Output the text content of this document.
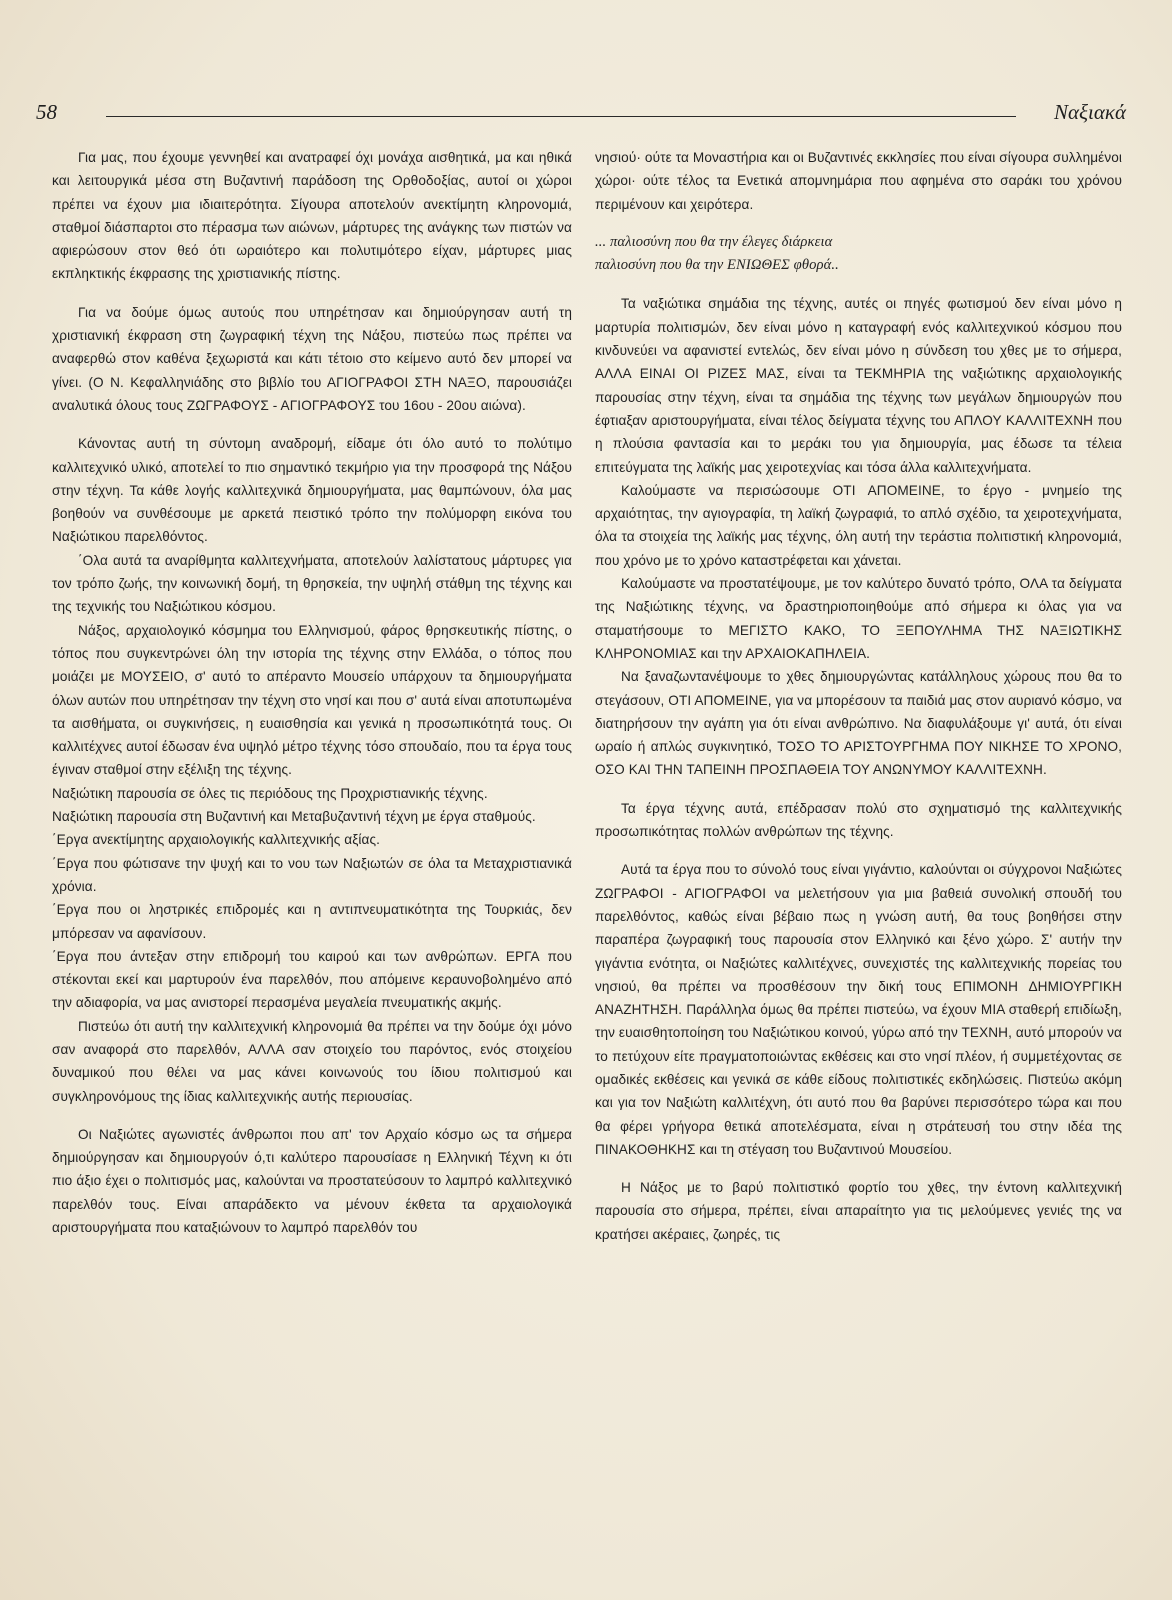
58	Ναξιακά

Για μας, που έχουμε γεννηθεί και ανατραφεί όχι μονάχα αισθητικά, μα και ηθικά και λειτουργικά μέσα στη Βυζαντινή παράδοση της Ορθοδοξίας, αυτοί οι χώροι πρέπει να έχουν μια ιδιαιτερότητα. Σίγουρα αποτελούν ανεκτίμητη κληρονομιά, σταθμοί διάσπαρτοι στο πέρασμα των αιώνων, μάρτυρες της ανάγκης των πιστών να αφιερώσουν στον θεό ότι ωραιότερο και πολυτιμότερο είχαν, μάρτυρες μιας εκπληκτικής έκφρασης της χριστιανικής πίστης.

Για να δούμε όμως αυτούς που υπηρέτησαν και δημιούργησαν αυτή τη χριστιανική έκφραση στη ζωγραφική τέχνη της Νάξου, πιστεύω πως πρέπει να αναφερθώ στον καθένα ξεχωριστά και κάτι τέτοιο στο κείμενο αυτό δεν μπορεί να γίνει. (Ο Ν. Κεφαλληνιάδης στο βιβλίο του ΑΓΙΟΓΡΑΦΟΙ ΣΤΗ ΝΑΞΟ, παρουσιάζει αναλυτικά όλους τους ΖΩΓΡΑΦΟΥΣ - ΑΓΙΟΓΡΑΦΟΥΣ του 16ου - 20ου αιώνα).

Κάνοντας αυτή τη σύντομη αναδρομή, είδαμε ότι όλο αυτό το πολύτιμο καλλιτεχνικό υλικό, αποτελεί το πιο σημαντικό τεκμήριο για την προσφορά της Νάξου στην τέχνη. Τα κάθε λογής καλλιτεχνικά δημιουργήματα, μας θαμπώνουν, όλα μας βοηθούν να συνθέσουμε με αρκετά πειστικό τρόπο την πολύμορφη εικόνα του Ναξιώτικου παρελθόντος.

΄Ολα αυτά τα αναρίθμητα καλλιτεχνήματα, αποτελούν λαλίστατους μάρτυρες για τον τρόπο ζωής, την κοινωνική δομή, τη θρησκεία, την υψηλή στάθμη της τέχνης και της τεχνικής του Ναξιώτικου κόσμου.

Νάξος, αρχαιολογικό κόσμημα του Ελληνισμού, φάρος θρησκευτικής πίστης, ο τόπος που συγκεντρώνει όλη την ιστορία της τέχνης στην Ελλάδα, ο τόπος που μοιάζει με ΜΟΥΣΕΙΟ, σ' αυτό το απέραντο Μουσείο υπάρχουν τα δημιουργήματα όλων αυτών που υπηρέτησαν την τέχνη στο νησί και που σ' αυτά είναι αποτυπωμένα τα αισθήματα, οι συγκινήσεις, η ευαισθησία και γενικά η προσωπικότητά τους. Οι καλλιτέχνες αυτοί έδωσαν ένα υψηλό μέτρο τέχνης τόσο σπουδαίο, που τα έργα τους έγιναν σταθμοί στην εξέλιξη της τέχνης.

Ναξιώτικη παρουσία σε όλες τις περιόδους της Προχριστιανικής τέχνης.

Ναξιώτικη παρουσία στη Βυζαντινή και Μεταβυζαντινή τέχνη με έργα σταθμούς.

΄Εργα ανεκτίμητης αρχαιολογικής καλλιτεχνικής αξίας.

΄Εργα που φώτισανε την ψυχή και το νου των Ναξιωτών σε όλα τα Μεταχριστιανικά χρόνια.

΄Εργα που οι ληστρικές επιδρομές και η αντιπνευματικότητα της Τουρκιάς, δεν μπόρεσαν να αφανίσουν.

΄Εργα που άντεξαν στην επιδρομή του καιρού και των ανθρώπων. ΕΡΓΑ που στέκονται εκεί και μαρτυρούν ένα παρελθόν, που απόμεινε κεραυνοβολημένο από την αδιαφορία, να μας ανιστορεί περασμένα μεγαλεία πνευματικής ακμής.

Πιστεύω ότι αυτή την καλλιτεχνική κληρονομιά θα πρέπει να την δούμε όχι μόνο σαν αναφορά στο παρελθόν, ΑΛΛΑ σαν στοιχείο του παρόντος, ενός στοιχείου δυναμικού που θέλει να μας κάνει κοινωνούς του ίδιου πολιτισμού και συγκληρονόμους της ίδιας καλλιτεχνικής αυτής περιουσίας.

Οι Ναξιώτες αγωνιστές άνθρωποι που απ' τον Αρχαίο κόσμο ως τα σήμερα δημιούργησαν και δημιουργούν ό,τι καλύτερο παρουσίασε η Ελληνική Τέχνη κι ότι πιο άξιο έχει ο πολιτισμός μας, καλούνται να προστατεύσουν το λαμπρό καλλιτεχνικό παρελθόν τους. Είναι απαράδεκτο να μένουν έκθετα τα αρχαιολογικά αριστουργήματα που καταξιώνουν το λαμπρό παρελθόν του

νησιού· ούτε τα Μοναστήρια και οι Βυζαντινές εκκλησίες που είναι σίγουρα συλλημένοι χώροι· ούτε τέλος τα Ενετικά απομνημάρια που αφημένα στο σαράκι του χρόνου περιμένουν και χειρότερα.

... παλιοσύνη που θα την έλεγες διάρκεια

παλιοσύνη που θα την ΕΝΙΩΘΕΣ φθορά..

Τα ναξιώτικα σημάδια της τέχνης, αυτές οι πηγές φωτισμού δεν είναι μόνο η μαρτυρία πολιτισμών, δεν είναι μόνο η καταγραφή ενός καλλιτεχνικού κόσμου που κινδυνεύει να αφανιστεί εντελώς, δεν είναι μόνο η σύνδεση του χθες με το σήμερα, ΑΛΛΑ ΕΙΝΑΙ ΟΙ ΡΙΖΕΣ ΜΑΣ, είναι τα ΤΕΚΜΗΡΙΑ της ναξιώτικης αρχαιολογικής παρουσίας στην τέχνη, είναι τα σημάδια της τέχνης των μεγάλων δημιουργών που έφτιαξαν αριστουργήματα, είναι τέλος δείγματα τέχνης του ΑΠΛΟΥ ΚΑΛΛΙΤΕΧΝΗ που η πλούσια φαντασία και το μεράκι του για δημιουργία, μας έδωσε τα τέλεια επιτεύγματα της λαϊκής μας χειροτεχνίας και τόσα άλλα καλλιτεχνήματα.

Καλούμαστε να περισώσουμε ΟΤΙ ΑΠΟΜΕΙΝΕ, το έργο - μνημείο της αρχαιότητας, την αγιογραφία, τη λαϊκή ζωγραφιά, το απλό σχέδιο, τα χειροτεχνήματα, όλα τα στοιχεία της λαϊκής μας τέχνης, όλη αυτή την τεράστια πολιτιστική κληρονομιά, που χρόνο με το χρόνο καταστρέφεται και χάνεται.

Καλούμαστε να προστατέψουμε, με τον καλύτερο δυνατό τρόπο, ΟΛΑ τα δείγματα της Ναξιώτικης τέχνης, να δραστηριοποιηθούμε από σήμερα κι όλας για να σταματήσουμε το ΜΕΓΙΣΤΟ ΚΑΚΟ, ΤΟ ΞΕΠΟΥΛΗΜΑ ΤΗΣ ΝΑΞΙΩΤΙΚΗΣ ΚΛΗΡΟΝΟΜΙΑΣ και την ΑΡΧΑΙΟΚΑΠΗΛΕΙΑ.

Να ξαναζωντανέψουμε το χθες δημιουργώντας κατάλληλους χώρους που θα το στεγάσουν, ΟΤΙ ΑΠΟΜΕΙΝΕ, για να μπορέσουν τα παιδιά μας στον αυριανό κόσμο, να διατηρήσουν την αγάπη για ότι είναι ανθρώπινο. Να διαφυλάξουμε γι' αυτά, ότι είναι ωραίο ή απλώς συγκινητικό, ΤΟΣΟ ΤΟ ΑΡΙΣΤΟΥΡΓΗΜΑ ΠΟΥ ΝΙΚΗΣΕ ΤΟ ΧΡΟΝΟ, ΟΣΟ ΚΑΙ ΤΗΝ ΤΑΠΕΙΝΗ ΠΡΟΣΠΑΘΕΙΑ ΤΟΥ ΑΝΩΝΥΜΟΥ ΚΑΛΛΙΤΕΧΝΗ.

Τα έργα τέχνης αυτά, επέδρασαν πολύ στο σχηματισμό της καλλιτεχνικής προσωπικότητας πολλών ανθρώπων της τέχνης.

Αυτά τα έργα που το σύνολό τους είναι γιγάντιο, καλούνται οι σύγχρονοι Ναξιώτες ΖΩΓΡΑΦΟΙ - ΑΓΙΟΓΡΑΦΟΙ να μελετήσουν για μια βαθειά συνολική σπουδή του παρελθόντος, καθώς είναι βέβαιο πως η γνώση αυτή, θα τους βοηθήσει στην παραπέρα ζωγραφική τους παρουσία στον Ελληνικό και ξένο χώρο. Σ' αυτήν την γιγάντια ενότητα, οι Ναξιώτες καλλιτέχνες, συνεχιστές της καλλιτεχνικής πορείας του νησιού, θα πρέπει να προσθέσουν την δική τους ΕΠΙΜΟΝΗ ΔΗΜΙΟΥΡΓΙΚΗ ΑΝΑΖΗΤΗΣΗ. Παράλληλα όμως θα πρέπει πιστεύω, να έχουν ΜΙΑ σταθερή επιδίωξη, την ευαισθητοποίηση του Ναξιώτικου κοινού, γύρω από την ΤΕΧΝΗ, αυτό μπορούν να το πετύχουν είτε πραγματοποιώντας εκθέσεις και στο νησί πλέον, ή συμμετέχοντας σε ομαδικές εκθέσεις και γενικά σε κάθε είδους πολιτιστικές εκδηλώσεις. Πιστεύω ακόμη και για τον Ναξιώτη καλλιτέχνη, ότι αυτό που θα βαρύνει περισσότερο τώρα και που θα φέρει γρήγορα θετικά αποτελέσματα, είναι η στράτευσή του στην ιδέα της ΠΙΝΑΚΟΘΗΚΗΣ και τη στέγαση του Βυζαντινού Μουσείου.

Η Νάξος με το βαρύ πολιτιστικό φορτίο του χθες, την έντονη καλλιτεχνική παρουσία στο σήμερα, πρέπει, είναι απαραίτητο για τις μελούμενες γενιές της να κρατήσει ακέραιες, ζωηρές, τις
